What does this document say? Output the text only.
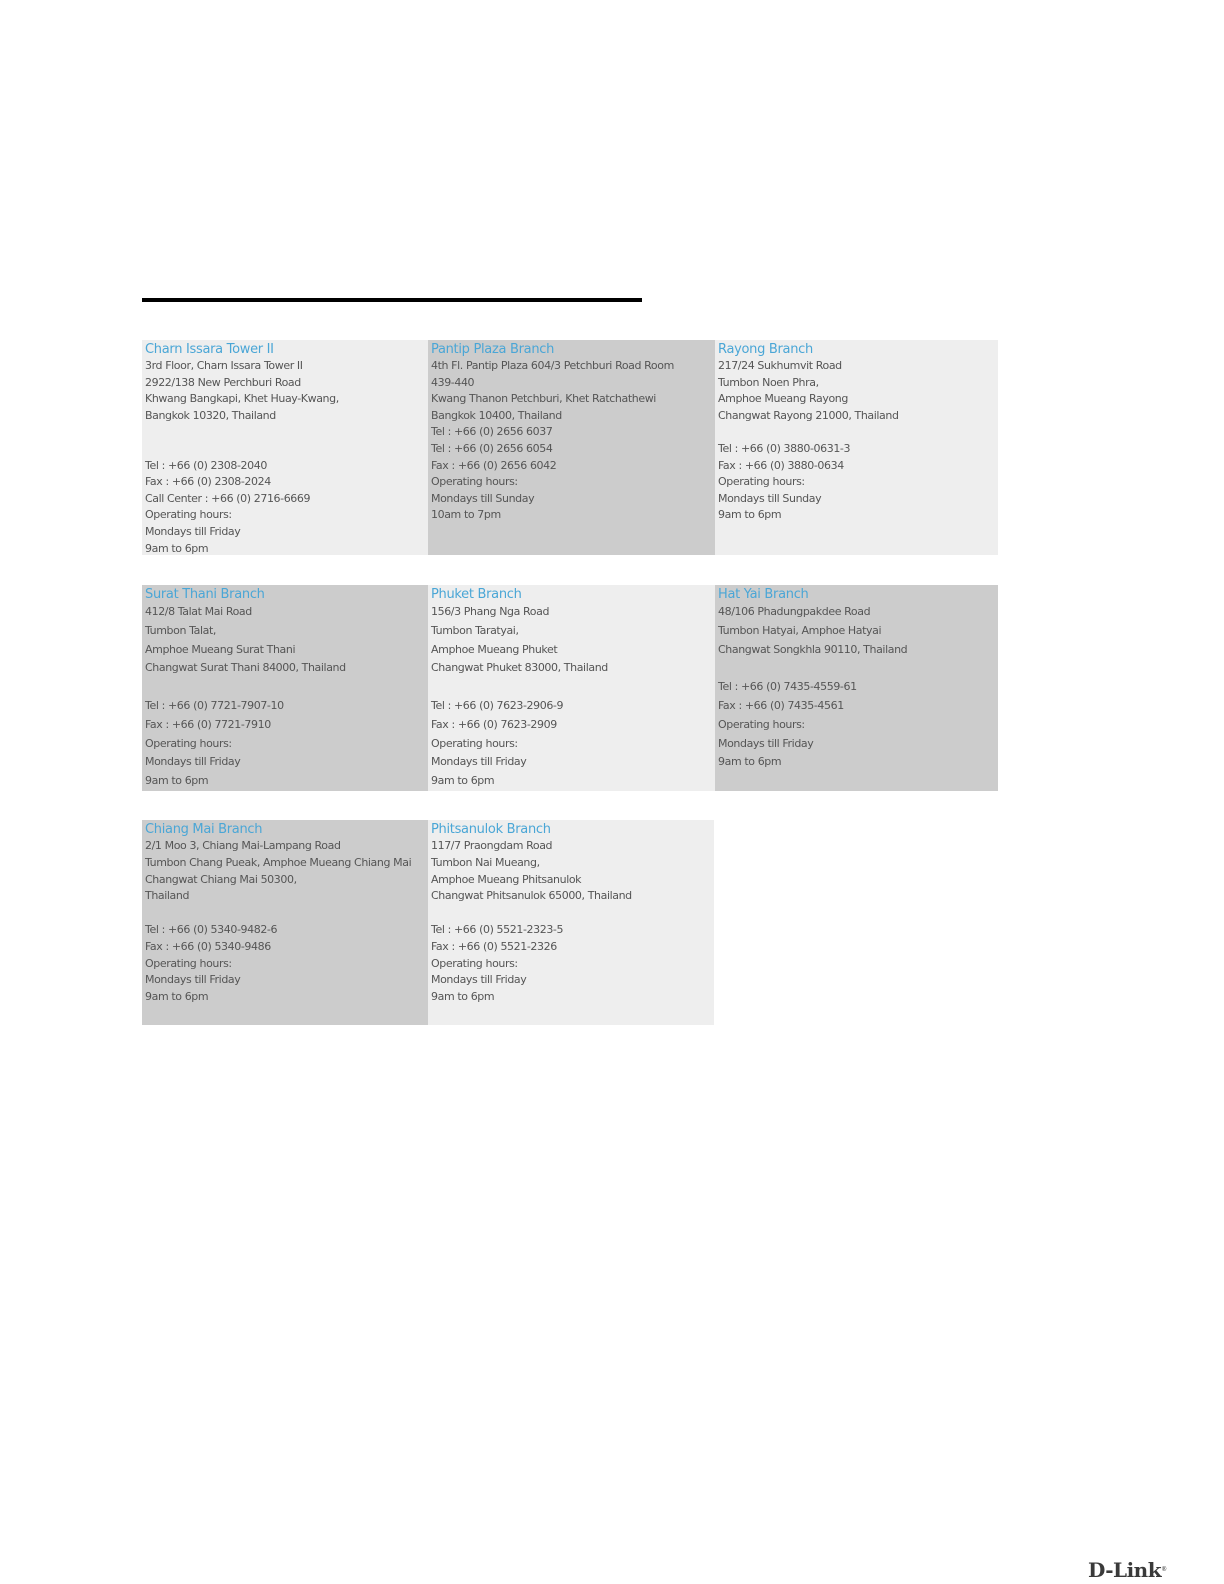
Charn Issara Tower II
3rd Floor, Charn Issara Tower II
2922/138 New Perchburi Road
Khwang Bangkapi, Khet Huay-Kwang,
Bangkok 10320, Thailand

Tel : +66 (0) 2308-2040
Fax : +66 (0) 2308-2024
Call Center : +66 (0) 2716-6669
Operating hours:
Mondays till Friday
9am to 6pm
Pantip Plaza Branch
4th Fl. Pantip Plaza 604/3 Petchburi Road Room
439-440
Kwang Thanon Petchburi, Khet Ratchathewi
Bangkok 10400, Thailand
Tel : +66 (0) 2656 6037
Tel : +66 (0) 2656 6054
Fax : +66 (0) 2656 6042
Operating hours:
Mondays till Sunday
10am to 7pm
Rayong Branch
217/24 Sukhumvit Road
Tumbon Noen Phra,
Amphoe Mueang Rayong
Changwat Rayong 21000, Thailand

Tel : +66 (0) 3880-0631-3
Fax : +66 (0) 3880-0634
Operating hours:
Mondays till Sunday
9am to 6pm
Surat Thani Branch
412/8 Talat Mai Road
Tumbon Talat,
Amphoe Mueang Surat Thani
Changwat Surat Thani 84000, Thailand

Tel : +66 (0) 7721-7907-10
Fax : +66 (0) 7721-7910
Operating hours:
Mondays till Friday
9am to 6pm
Phuket Branch
156/3 Phang Nga Road
Tumbon Taratyai,
Amphoe Mueang Phuket
Changwat Phuket 83000, Thailand

Tel : +66 (0) 7623-2906-9
Fax : +66 (0) 7623-2909
Operating hours:
Mondays till Friday
9am to 6pm
Hat Yai Branch
48/106 Phadungpakdee Road
Tumbon Hatyai, Amphoe Hatyai
Changwat Songkhla 90110, Thailand

Tel : +66 (0) 7435-4559-61
Fax : +66 (0) 7435-4561
Operating hours:
Mondays till Friday
9am to 6pm
Chiang Mai Branch
2/1 Moo 3, Chiang Mai-Lampang Road
Tumbon Chang Pueak, Amphoe Mueang Chiang Mai
Changwat Chiang Mai 50300,
Thailand

Tel : +66 (0) 5340-9482-6
Fax : +66 (0) 5340-9486
Operating hours:
Mondays till Friday
9am to 6pm
Phitsanulok Branch
117/7 Praongdam Road
Tumbon Nai Mueang,
Amphoe Mueang Phitsanulok
Changwat Phitsanulok 65000, Thailand

Tel : +66 (0) 5521-2323-5
Fax : +66 (0) 5521-2326
Operating hours:
Mondays till Friday
9am to 6pm
D-Link®
